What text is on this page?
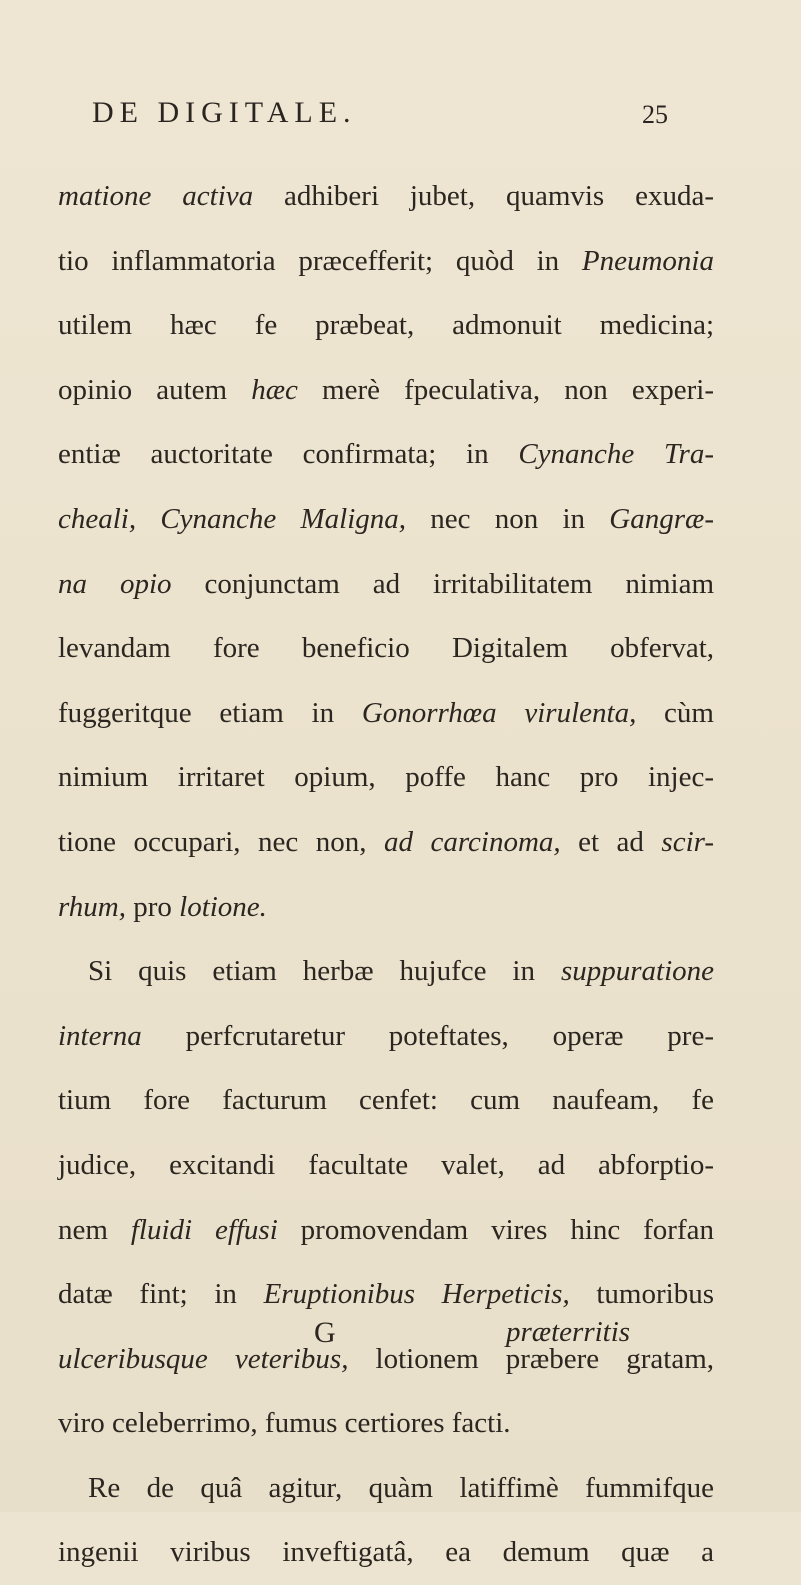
DE DIGITALE.	25
matione activa adhiberi jubet, quamvis exuda-
tio inflammatoria præcefferit; quòd in Pneumonia
utilem hæc fe præbeat, admonuit medicina;
opinio autem hæc merè fpeculativa, non experi-
entiæ auctoritate confirmata; in Cynanche Tra-
cheali, Cynanche Maligna, nec non in Gangræ-
na opio conjunctam ad irritabilitatem nimiam
levandam fore beneficio Digitalem obfervat,
fuggeritque etiam in Gonorrhœa virulenta, cùm
nimium irritaret opium, poffe hanc pro injec-
tione occupari, nec non, ad carcinoma, et ad scir-
rhum, pro lotione.
Si quis etiam herbæ hujufce in suppuratione
interna perfcrutaretur poteftates, operæ pre-
tium fore facturum cenfet: cum naufeam, fe
judice, excitandi facultate valet, ad abforptio-
nem fluidi effusi promovendam vires hinc forfan
datæ fint; in Eruptionibus Herpeticis, tumoribus
ulceribusque veteribus, lotionem præbere gratam,
viro celeberrimo, fumus certiores facti.
Re de quâ agitur, quàm latiffimè fummifque
ingenii viribus inveftigatâ, ea demum quæ a
G	præterritis
